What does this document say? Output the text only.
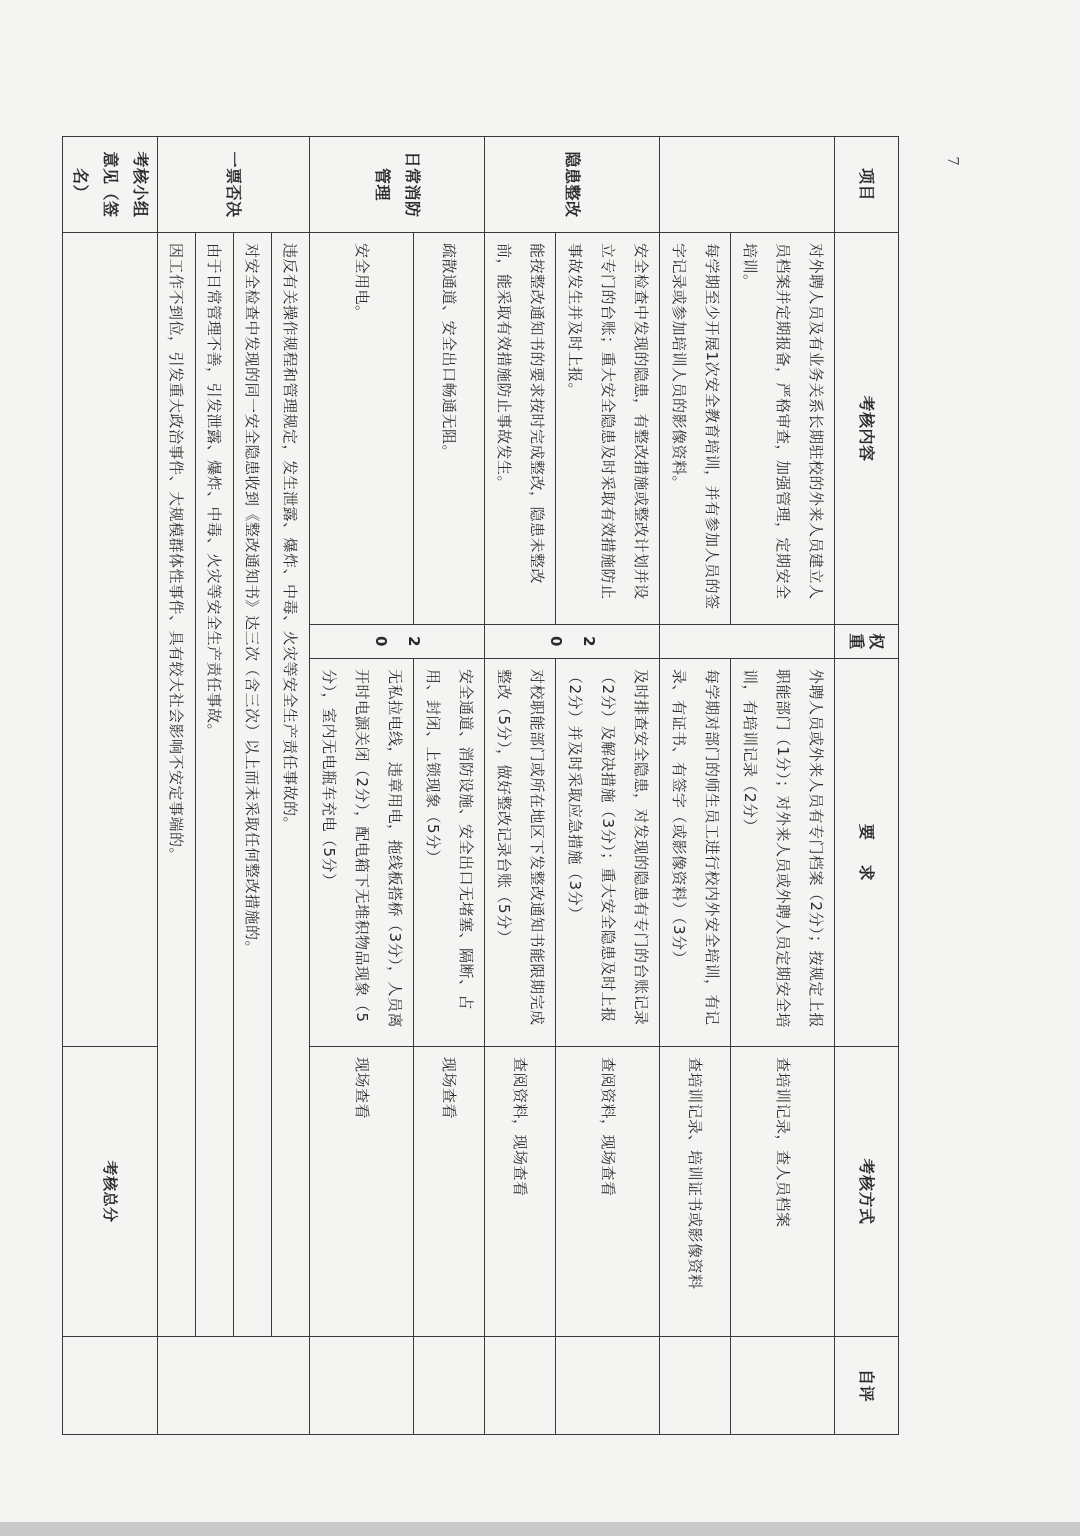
7
项目	考核内容	权重	要    求	考核方式	自评
	对外聘人员及有业务关系长期驻校的外来人员建立人员档案并定期报备，严格审查，加强管理，定期安全培训。		外聘人员或外来人员有专门档案（2分）；按规定上报职能部门（1分）；对外来人员或外聘人员定期安全培训，有培训记录（2分）	查培训记录，查人员档案	
	每学期至少开展1次安全教育培训，并有参加人员的签字记录或参加培训人员的影像资料。		每学期对部门的师生员工进行校内外安全培训，有记录、有证书、有签字（或影像资料）（3分）	查培训记录、培训证书或影像资料	
隐患整改	安全检查中发现的隐患，有整改措施或整改计划并设立专门的台账；重大安全隐患及时采取有效措施防止事故发生并及时上报。	20	及时排查安全隐患，对发现的隐患有专门的台账记录（2分）及解决措施（3分）；重大安全隐患及时上报（2分）并及时采取应急措施（3分）	查阅资料，现场查看	
	能按整改通知书的要求按时完成整改，隐患未整改前，能采取有效措施防止事故发生。		对校职能部门或所在地区下发整改通知书能限期完成整改（5分），做好整改记录台账（5分）	查阅资料，现场查看	
日常消防管理	疏散通道、安全出口畅通无阻。	20	安全通道、消防设施、安全出口无堵塞、隔断、占用、封闭、上锁现象（5分）	现场查看	
	安全用电。		无私拉电线，违章用电，拖线板搭桥（3分），人员离开时电源关闭（2分），配电箱下无堆积物品现象（5分），室内无电瓶车充电（5分）	现场查看	
一票否决	违反有关操作规程和管理规定，发生泄露、爆炸、中毒、火灾等安全生产责任事故的。				
	对安全检查中发现的同一安全隐患收到《整改通知书》达三次（含三次）以上而未采取任何整改措施的。				
	由于日常管理不善，引发泄露、爆炸、中毒、火灾等安全生产责任事故。				
	因工作不到位，引发重大政治事件、大规模群体性事件、具有较大社会影响不安定事端的。				
考核小组意见（签名）				考核总分	
